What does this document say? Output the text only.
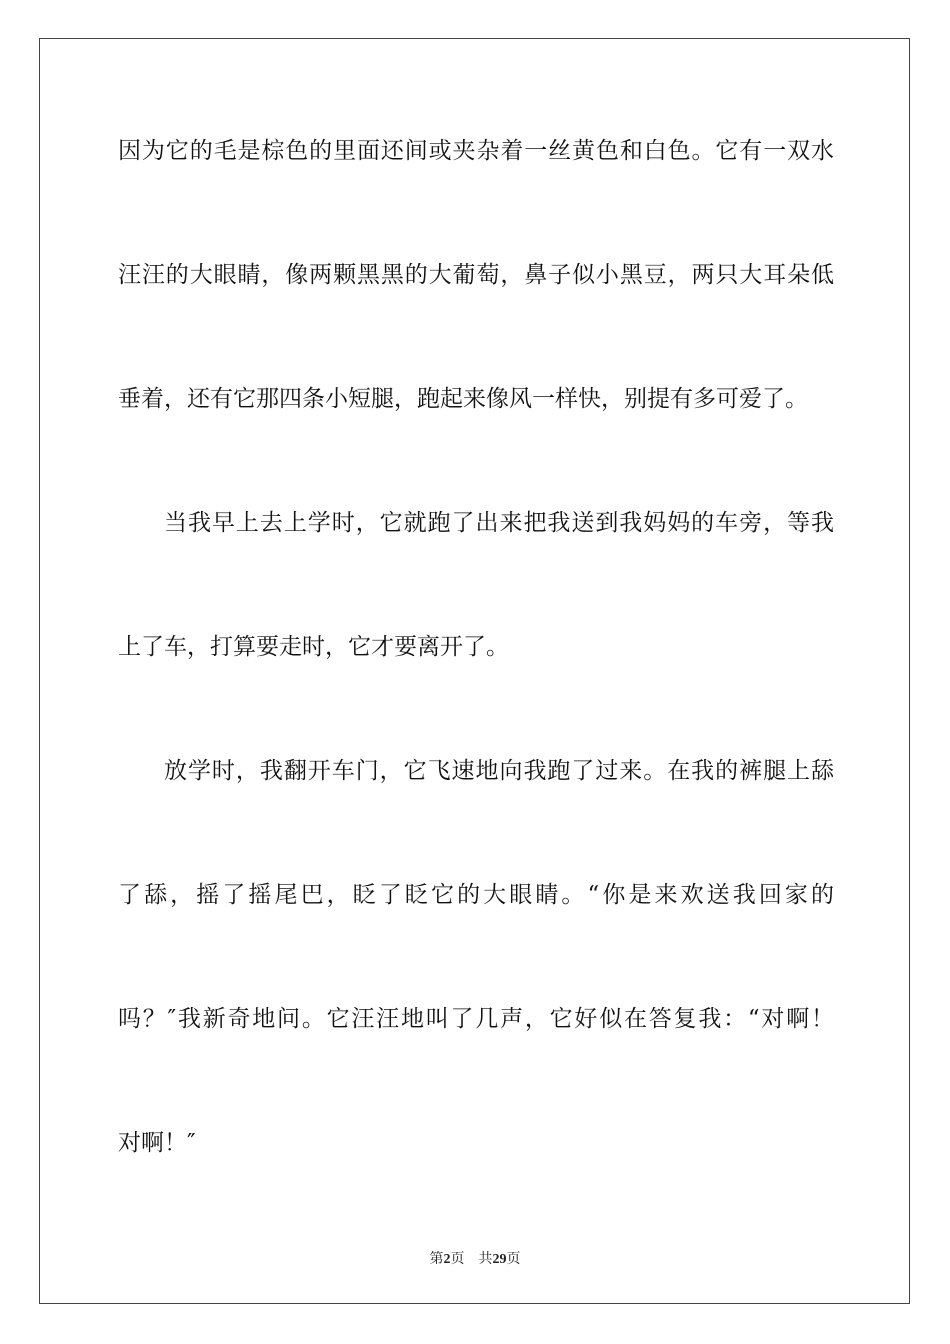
因为它的毛是棕色的里面还间或夹杂着一丝黄色和白色。它有一双水

汪汪的大眼睛，像两颗黑黑的大葡萄，鼻子似小黑豆，两只大耳朵低

垂着，还有它那四条小短腿，跑起来像风一样快，别提有多可爱了。

当我早上去上学时，它就跑了出来把我送到我妈妈的车旁，等我

上了车，打算要走时，它才要离开了。

放学时，我翻开车门，它飞速地向我跑了过来。在我的裤腿上舔

了舔，摇了摇尾巴，眨了眨它的大眼睛。“你是来欢送我回家的

吗？″我新奇地问。它汪汪地叫了几声，它好似在答复我：“对啊！

对啊！″

第2页 共29页
